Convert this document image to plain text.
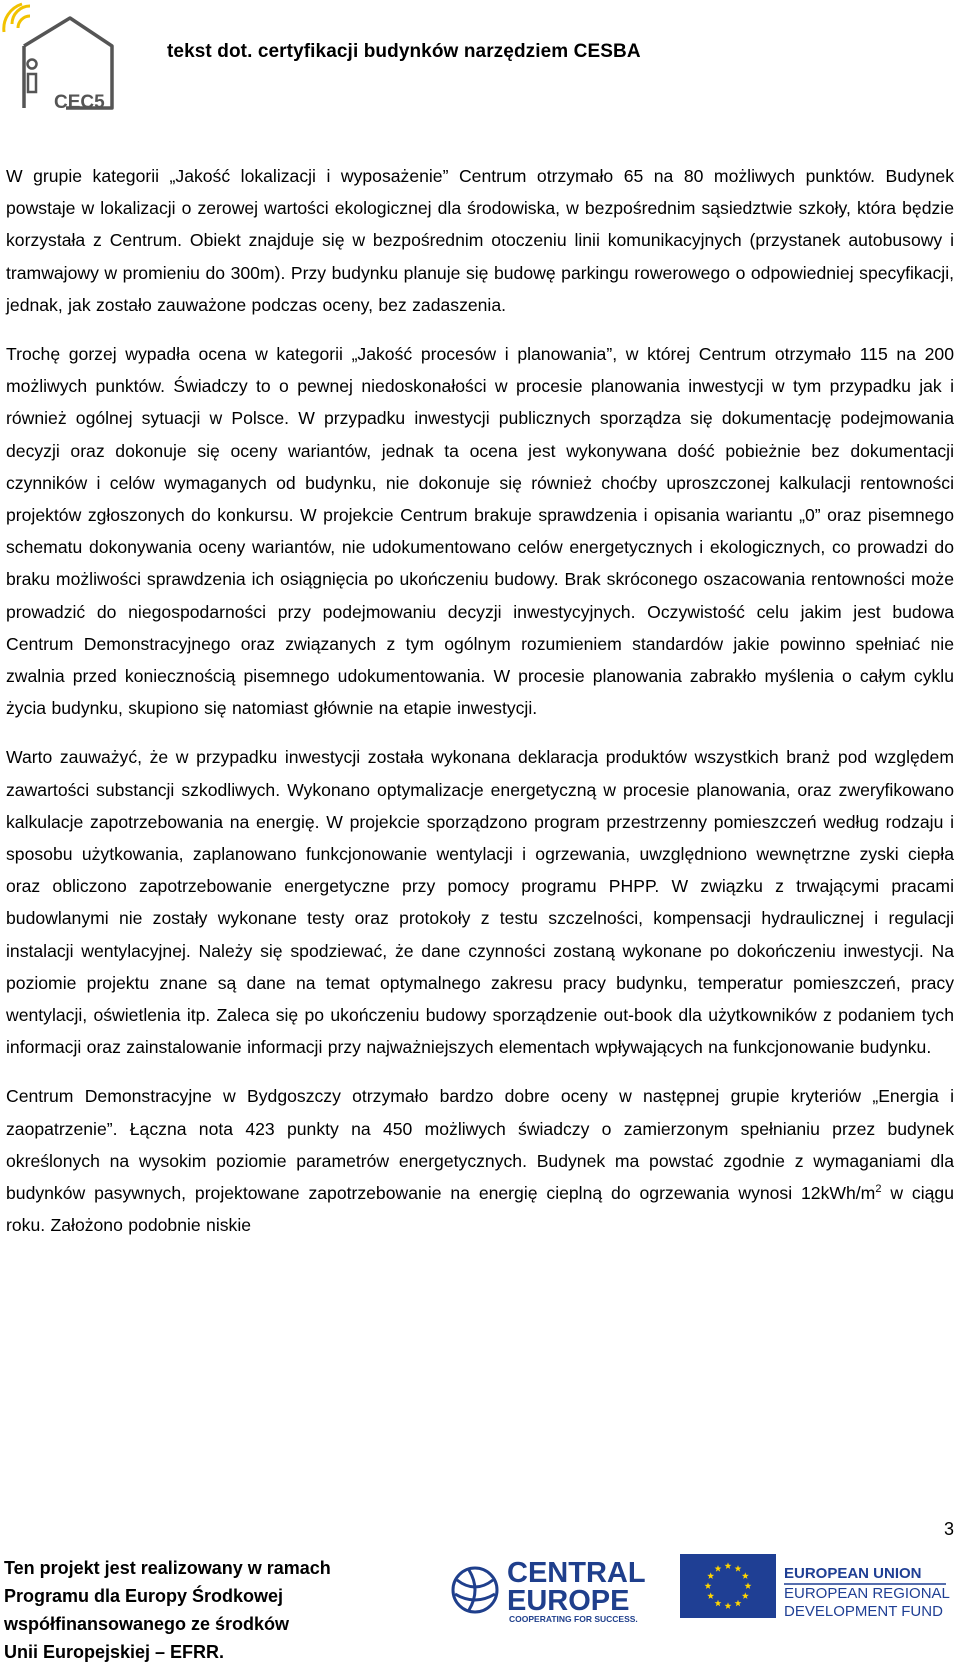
CEC5
tekst dot. certyfikacji budynków narzędziem CESBA

W grupie kategorii „Jakość lokalizacji i wyposażenie” Centrum otrzymało 65 na 80 możliwych punktów. Budynek powstaje w lokalizacji o zerowej wartości ekologicznej dla środowiska, w bezpośrednim sąsiedztwie szkoły, która będzie korzystała z Centrum. Obiekt znajduje się w bezpośrednim otoczeniu linii komunikacyjnych (przystanek autobusowy i tramwajowy w promieniu do 300m). Przy budynku planuje się budowę parkingu rowerowego o odpowiedniej specyfikacji, jednak, jak zostało zauważone podczas oceny, bez zadaszenia.

Trochę gorzej wypadła ocena w kategorii „Jakość procesów i planowania”, w której Centrum otrzymało 115 na 200 możliwych punktów. Świadczy to o pewnej niedoskonałości w procesie planowania inwestycji w tym przypadku jak i również ogólnej sytuacji w Polsce. W przypadku inwestycji publicznych sporządza się dokumentację podejmowania decyzji oraz dokonuje się oceny wariantów, jednak ta ocena jest wykonywana dość pobieżnie bez dokumentacji czynników i celów wymaganych od budynku, nie dokonuje się również choćby uproszczonej kalkulacji rentowności projektów zgłoszonych do konkursu. W projekcie Centrum brakuje sprawdzenia i opisania wariantu „0” oraz pisemnego schematu dokonywania oceny wariantów, nie udokumentowano celów energetycznych i ekologicznych, co prowadzi do braku możliwości sprawdzenia ich osiągnięcia po ukończeniu budowy. Brak skróconego oszacowania rentowności może prowadzić do niegospodarności przy podejmowaniu decyzji inwestycyjnych. Oczywistość celu jakim jest budowa Centrum Demonstracyjnego oraz związanych z tym ogólnym rozumieniem standardów jakie powinno spełniać nie zwalnia przed koniecznością pisemnego udokumentowania. W procesie planowania zabrakło myślenia o całym cyklu życia budynku, skupiono się natomiast głównie na etapie inwestycji.

Warto zauważyć, że w przypadku inwestycji została wykonana deklaracja produktów wszystkich branż pod względem zawartości substancji szkodliwych. Wykonano optymalizacje energetyczną w procesie planowania, oraz zweryfikowano kalkulacje zapotrzebowania na energię. W projekcie sporządzono program przestrzenny pomieszczeń według rodzaju i sposobu użytkowania, zaplanowano funkcjonowanie wentylacji i ogrzewania, uwzględniono wewnętrzne zyski ciepła oraz obliczono zapotrzebowanie energetyczne przy pomocy programu PHPP. W związku z trwającymi pracami budowlanymi nie zostały wykonane testy oraz protokoły z testu szczelności, kompensacji hydraulicznej i regulacji instalacji wentylacyjnej. Należy się spodziewać, że dane czynności zostaną wykonane po dokończeniu inwestycji. Na poziomie projektu znane są dane na temat optymalnego zakresu pracy budynku, temperatur pomieszczeń, pracy wentylacji, oświetlenia itp. Zaleca się po ukończeniu budowy sporządzenie out-book dla użytkowników z podaniem tych informacji oraz zainstalowanie informacji przy najważniejszych elementach wpływających na funkcjonowanie budynku.

Centrum Demonstracyjne w Bydgoszczy otrzymało bardzo dobre oceny w następnej grupie kryteriów „Energia i zaopatrzenie”. Łączna nota 423 punkty na 450 możliwych świadczy o zamierzonym spełnianiu przez budynek określonych na wysokim poziomie parametrów energetycznych. Budynek ma powstać zgodnie z wymaganiami dla budynków pasywnych, projektowane zapotrzebowanie na energię cieplną do ogrzewania wynosi $12kWh/m^2$ w ciągu roku. Założono podobnie niskie

3
Ten projekt jest realizowany w ramach
Programu dla Europy Środkowej
współfinansowanego ze środków
Unii Europejskiej – EFRR.
CENTRAL
EUROPE
COOPERATING FOR SUCCESS.
EUROPEAN UNION
EUROPEAN REGIONAL
DEVELOPMENT FUND
